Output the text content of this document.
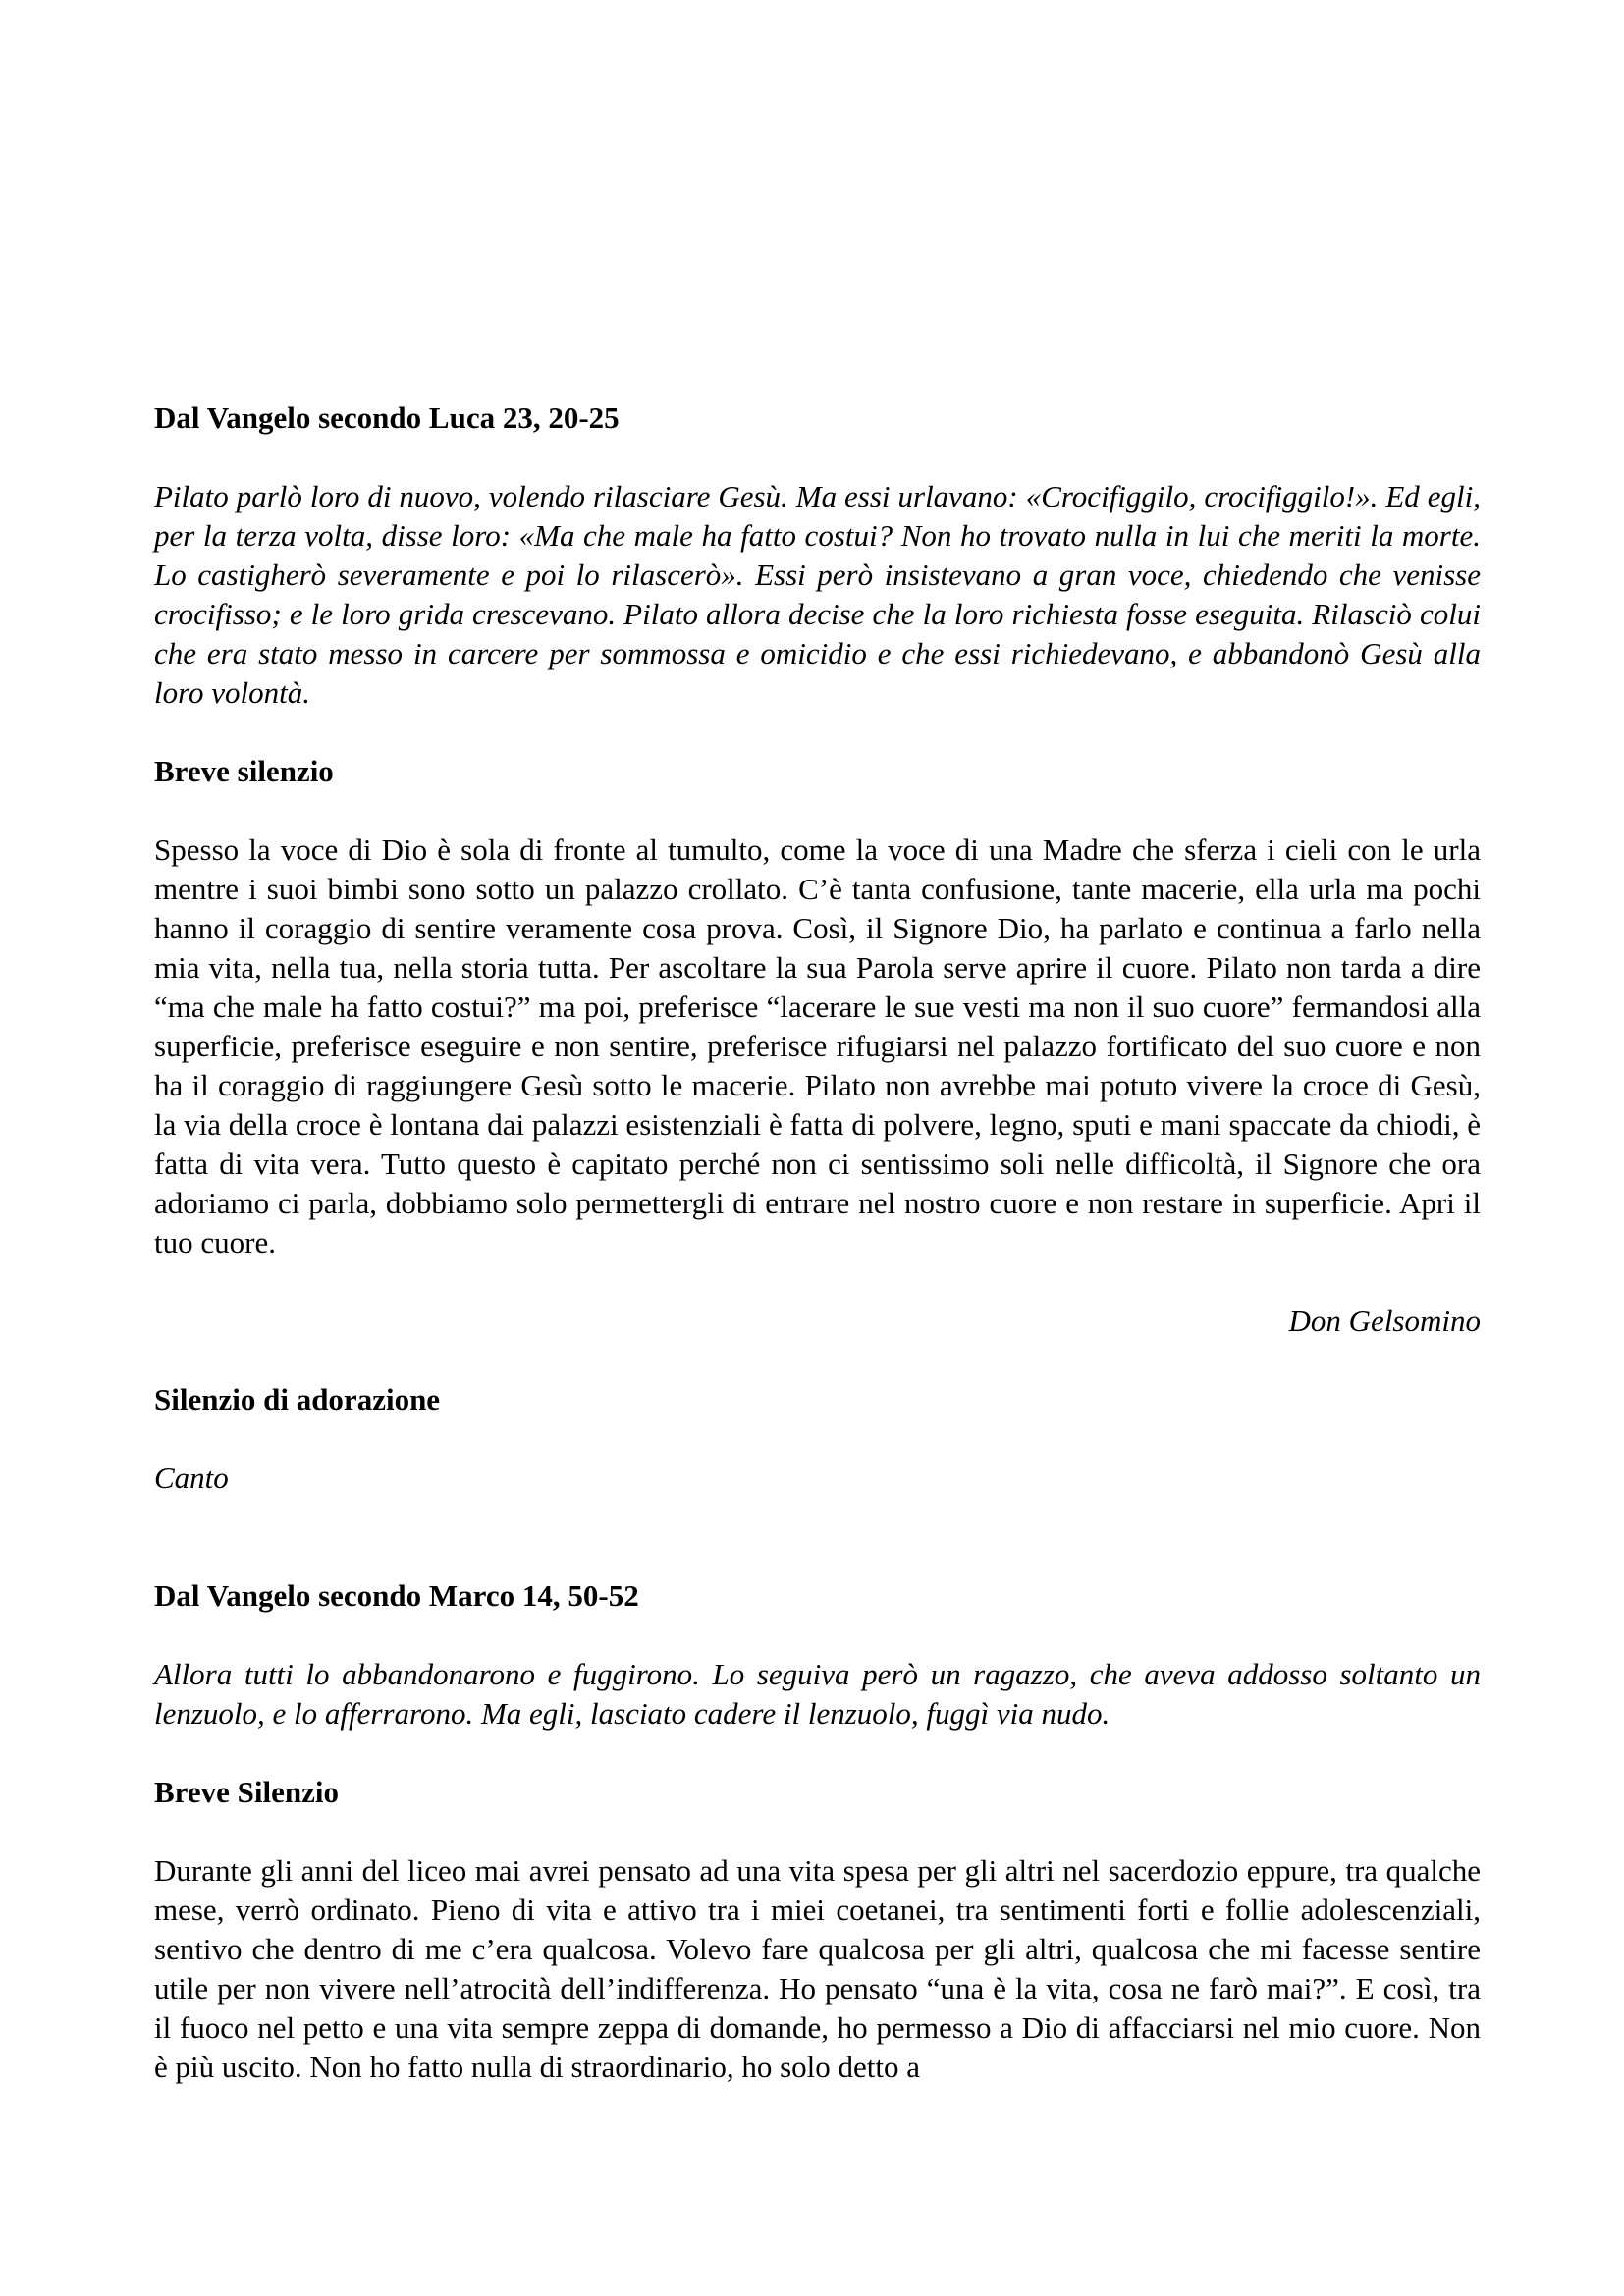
Dal Vangelo secondo Luca 23, 20-25

Pilato parlò loro di nuovo, volendo rilasciare Gesù. Ma essi urlavano: «Crocifiggilo, crocifiggilo!». Ed egli, per la terza volta, disse loro: «Ma che male ha fatto costui? Non ho trovato nulla in lui che meriti la morte. Lo castigherò severamente e poi lo rilascerò». Essi però insistevano a gran voce, chiedendo che venisse crocifisso; e le loro grida crescevano. Pilato allora decise che la loro richiesta fosse eseguita. Rilasciò colui che era stato messo in carcere per sommossa e omicidio e che essi richiedevano, e abbandonò Gesù alla loro volontà.

Breve silenzio

Spesso la voce di Dio è sola di fronte al tumulto, come la voce di una Madre che sferza i cieli con le urla mentre i suoi bimbi sono sotto un palazzo crollato. C’è tanta confusione, tante macerie, ella urla ma pochi hanno il coraggio di sentire veramente cosa prova. Così, il Signore Dio, ha parlato e continua a farlo nella mia vita, nella tua, nella storia tutta. Per ascoltare la sua Parola serve aprire il cuore. Pilato non tarda a dire “ma che male ha fatto costui?” ma poi, preferisce “lacerare le sue vesti ma non il suo cuore” fermandosi alla superficie, preferisce eseguire e non sentire, preferisce rifugiarsi nel palazzo fortificato del suo cuore e non ha il coraggio di raggiungere Gesù sotto le macerie. Pilato non avrebbe mai potuto vivere la croce di Gesù, la via della croce è lontana dai palazzi esistenziali è fatta di polvere, legno, sputi e mani spaccate da chiodi, è fatta di vita vera. Tutto questo è capitato perché non ci sentissimo soli nelle difficoltà, il Signore che ora adoriamo ci parla, dobbiamo solo permettergli di entrare nel nostro cuore e non restare in superficie. Apri il tuo cuore.

Don Gelsomino

Silenzio di adorazione

Canto

Dal Vangelo secondo Marco 14, 50-52

Allora tutti lo abbandonarono e fuggirono. Lo seguiva però un ragazzo, che aveva addosso soltanto un lenzuolo, e lo afferrarono. Ma egli, lasciato cadere il lenzuolo, fuggì via nudo.

Breve Silenzio

Durante gli anni del liceo mai avrei pensato ad una vita spesa per gli altri nel sacerdozio eppure, tra qualche mese, verrò ordinato. Pieno di vita e attivo tra i miei coetanei, tra sentimenti forti e follie adolescenziali, sentivo che dentro di me c’era qualcosa. Volevo fare qualcosa per gli altri, qualcosa che mi facesse sentire utile per non vivere nell’atrocità dell’indifferenza. Ho pensato “una è la vita, cosa ne farò mai?”. E così, tra il fuoco nel petto e una vita sempre zeppa di domande, ho permesso a Dio di affacciarsi nel mio cuore. Non è più uscito. Non ho fatto nulla di straordinario, ho solo detto a
